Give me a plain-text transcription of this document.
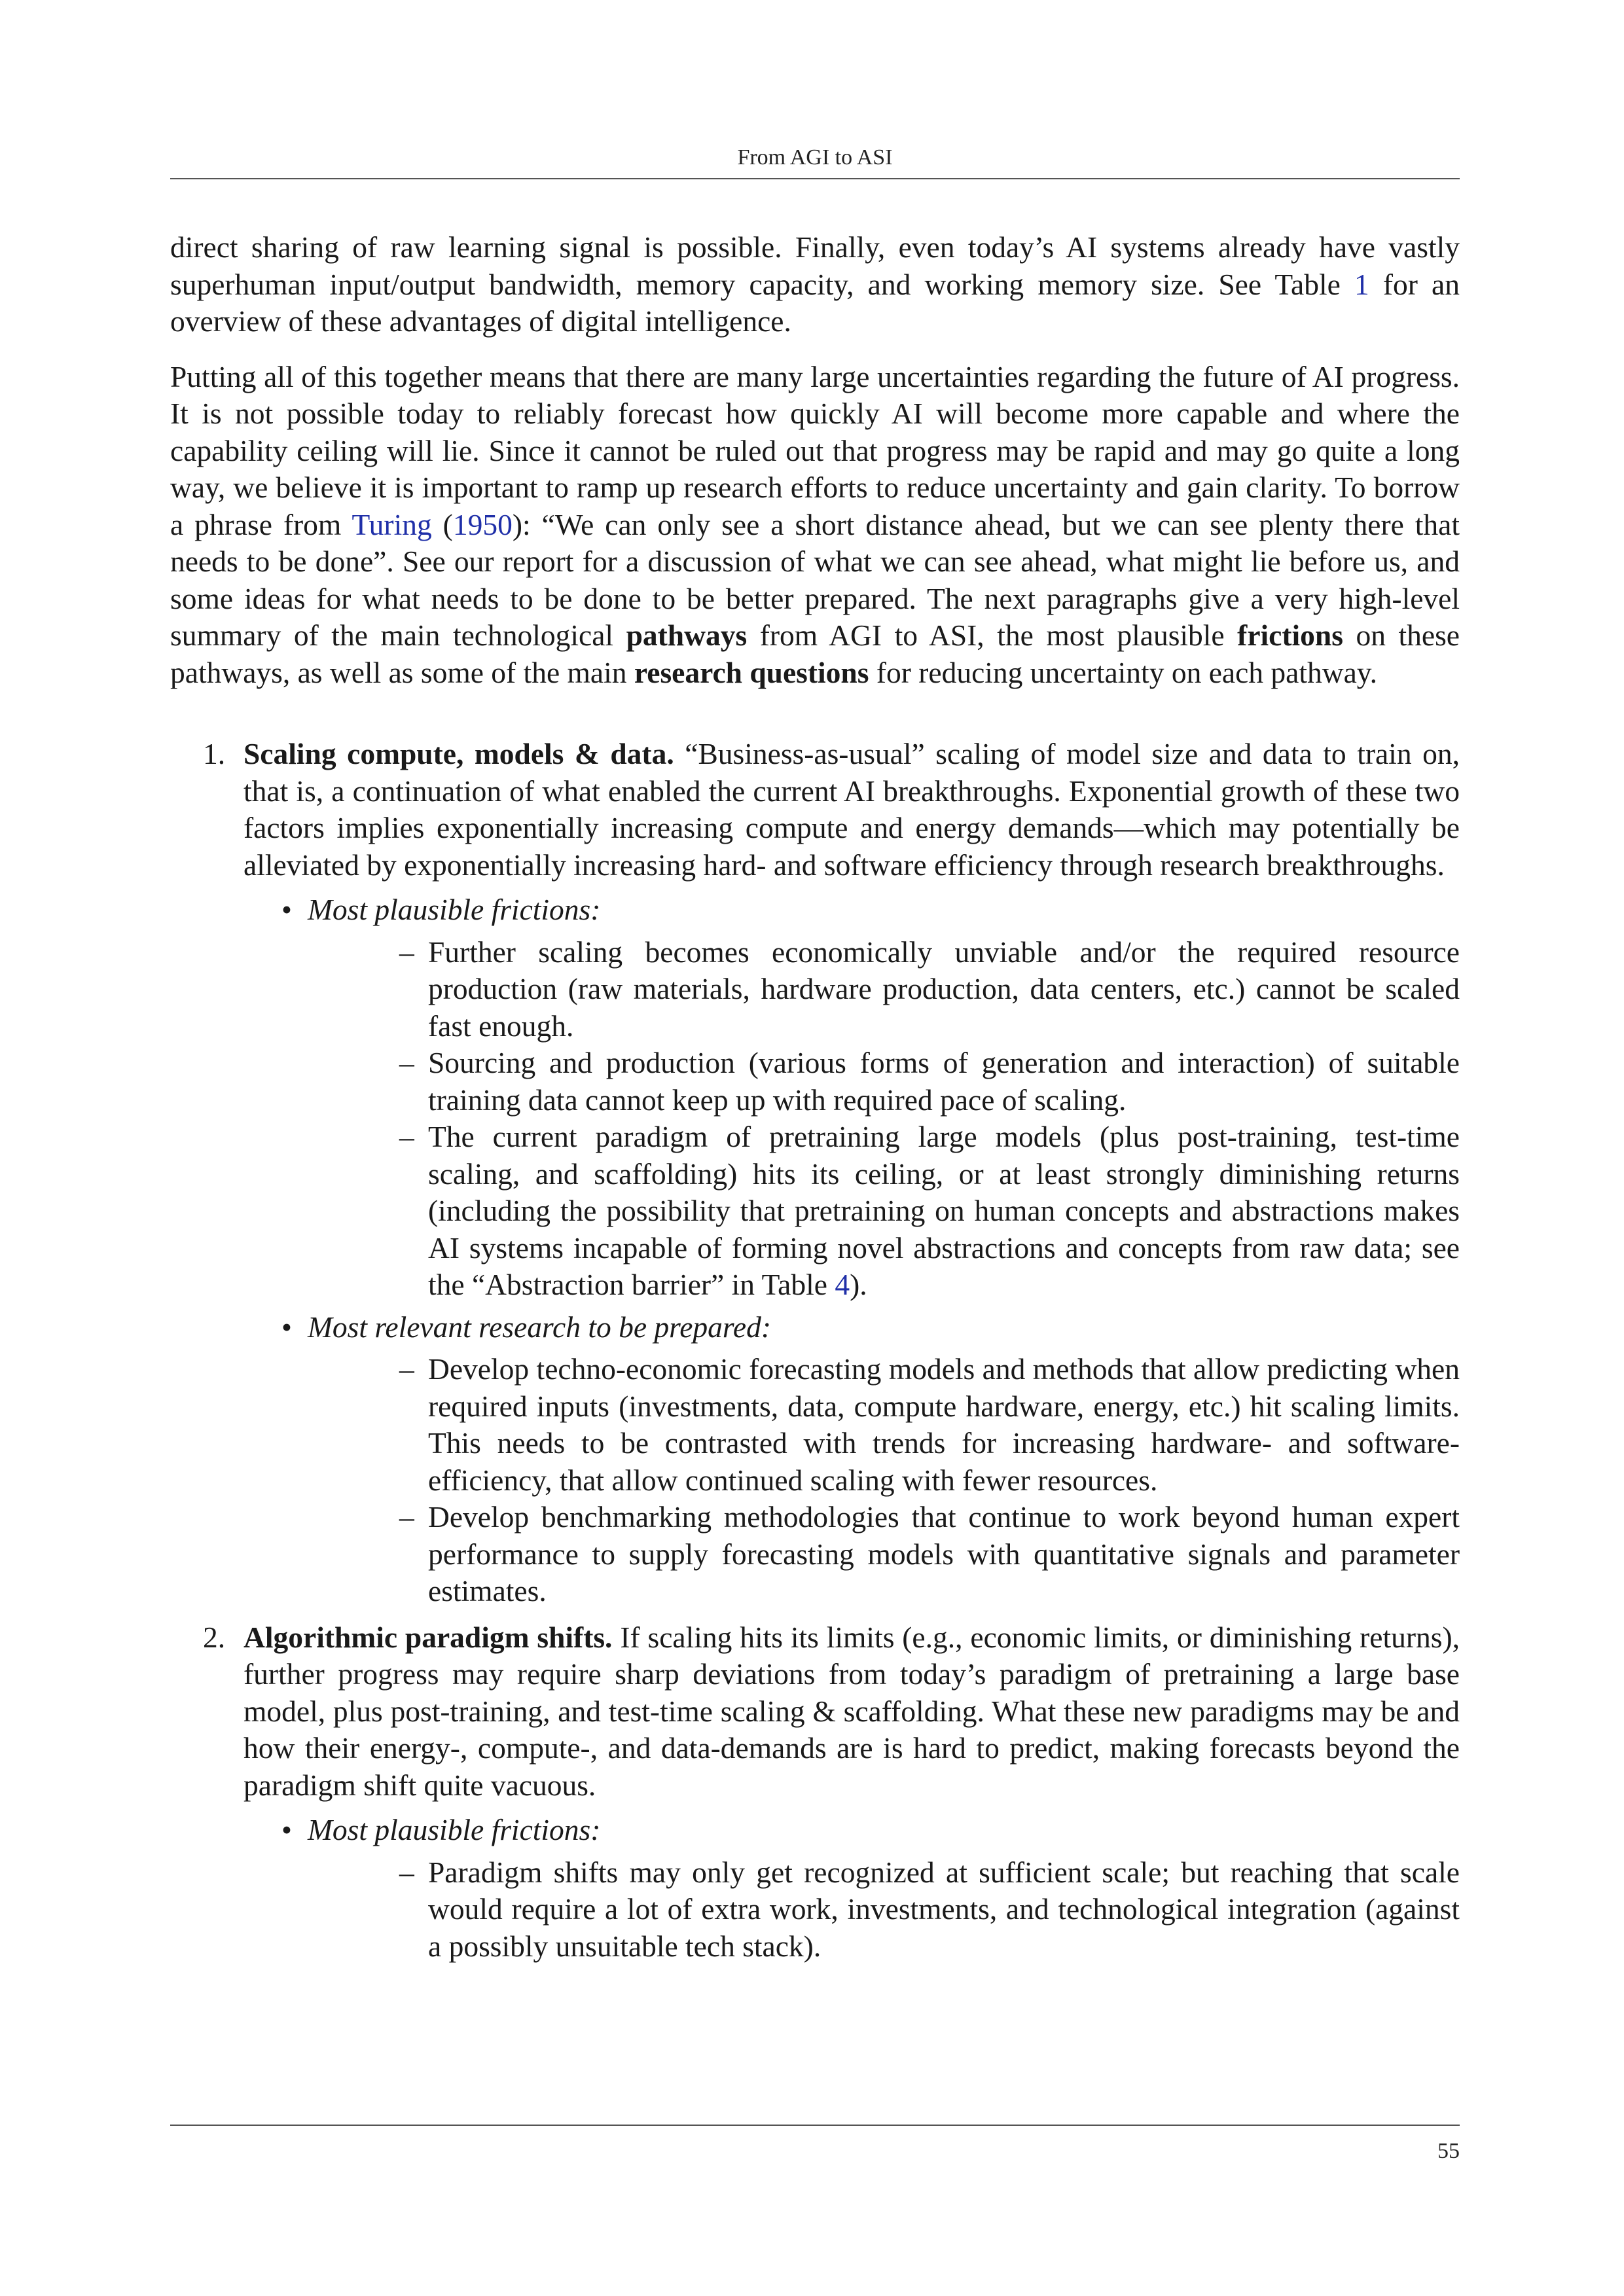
From AGI to ASI

direct sharing of raw learning signal is possible. Finally, even today’s AI systems already have vastly superhuman input/output bandwidth, memory capacity, and working memory size. See Table 1 for an overview of these advantages of digital intelligence.

Putting all of this together means that there are many large uncertainties regarding the future of AI progress. It is not possible today to reliably forecast how quickly AI will become more capable and where the capability ceiling will lie. Since it cannot be ruled out that progress may be rapid and may go quite a long way, we believe it is important to ramp up research efforts to reduce uncertainty and gain clarity. To borrow a phrase from Turing (1950): “We can only see a short distance ahead, but we can see plenty there that needs to be done”. See our report for a discussion of what we can see ahead, what might lie before us, and some ideas for what needs to be done to be better prepared. The next paragraphs give a very high-level summary of the main technological pathways from AGI to ASI, the most plausible frictions on these pathways, as well as some of the main research questions for reducing uncertainty on each pathway.

1. Scaling compute, models & data. “Business-as-usual” scaling of model size and data to train on, that is, a continuation of what enabled the current AI breakthroughs. Exponential growth of these two factors implies exponentially increasing compute and energy demands—which may potentially be alleviated by exponentially increasing hard- and software efficiency through research breakthroughs.
• Most plausible frictions:
– Further scaling becomes economically unviable and/or the required resource production (raw materials, hardware production, data centers, etc.) cannot be scaled fast enough.
– Sourcing and production (various forms of generation and interaction) of suitable training data cannot keep up with required pace of scaling.
– The current paradigm of pretraining large models (plus post-training, test-time scaling, and scaffolding) hits its ceiling, or at least strongly diminishing returns (including the possibility that pretraining on human concepts and abstractions makes AI systems incapable of forming novel abstractions and concepts from raw data; see the “Abstraction barrier” in Table 4).
• Most relevant research to be prepared:
– Develop techno-economic forecasting models and methods that allow predicting when required inputs (investments, data, compute hardware, energy, etc.) hit scaling limits. This needs to be contrasted with trends for increasing hardware- and software-efficiency, that allow continued scaling with fewer resources.
– Develop benchmarking methodologies that continue to work beyond human expert performance to supply forecasting models with quantitative signals and parameter estimates.
2. Algorithmic paradigm shifts. If scaling hits its limits (e.g., economic limits, or diminishing returns), further progress may require sharp deviations from today’s paradigm of pretraining a large base model, plus post-training, and test-time scaling & scaffolding. What these new paradigms may be and how their energy-, compute-, and data-demands are is hard to predict, making forecasts beyond the paradigm shift quite vacuous.
• Most plausible frictions:
– Paradigm shifts may only get recognized at sufficient scale; but reaching that scale would require a lot of extra work, investments, and technological integration (against a possibly unsuitable tech stack).
55
